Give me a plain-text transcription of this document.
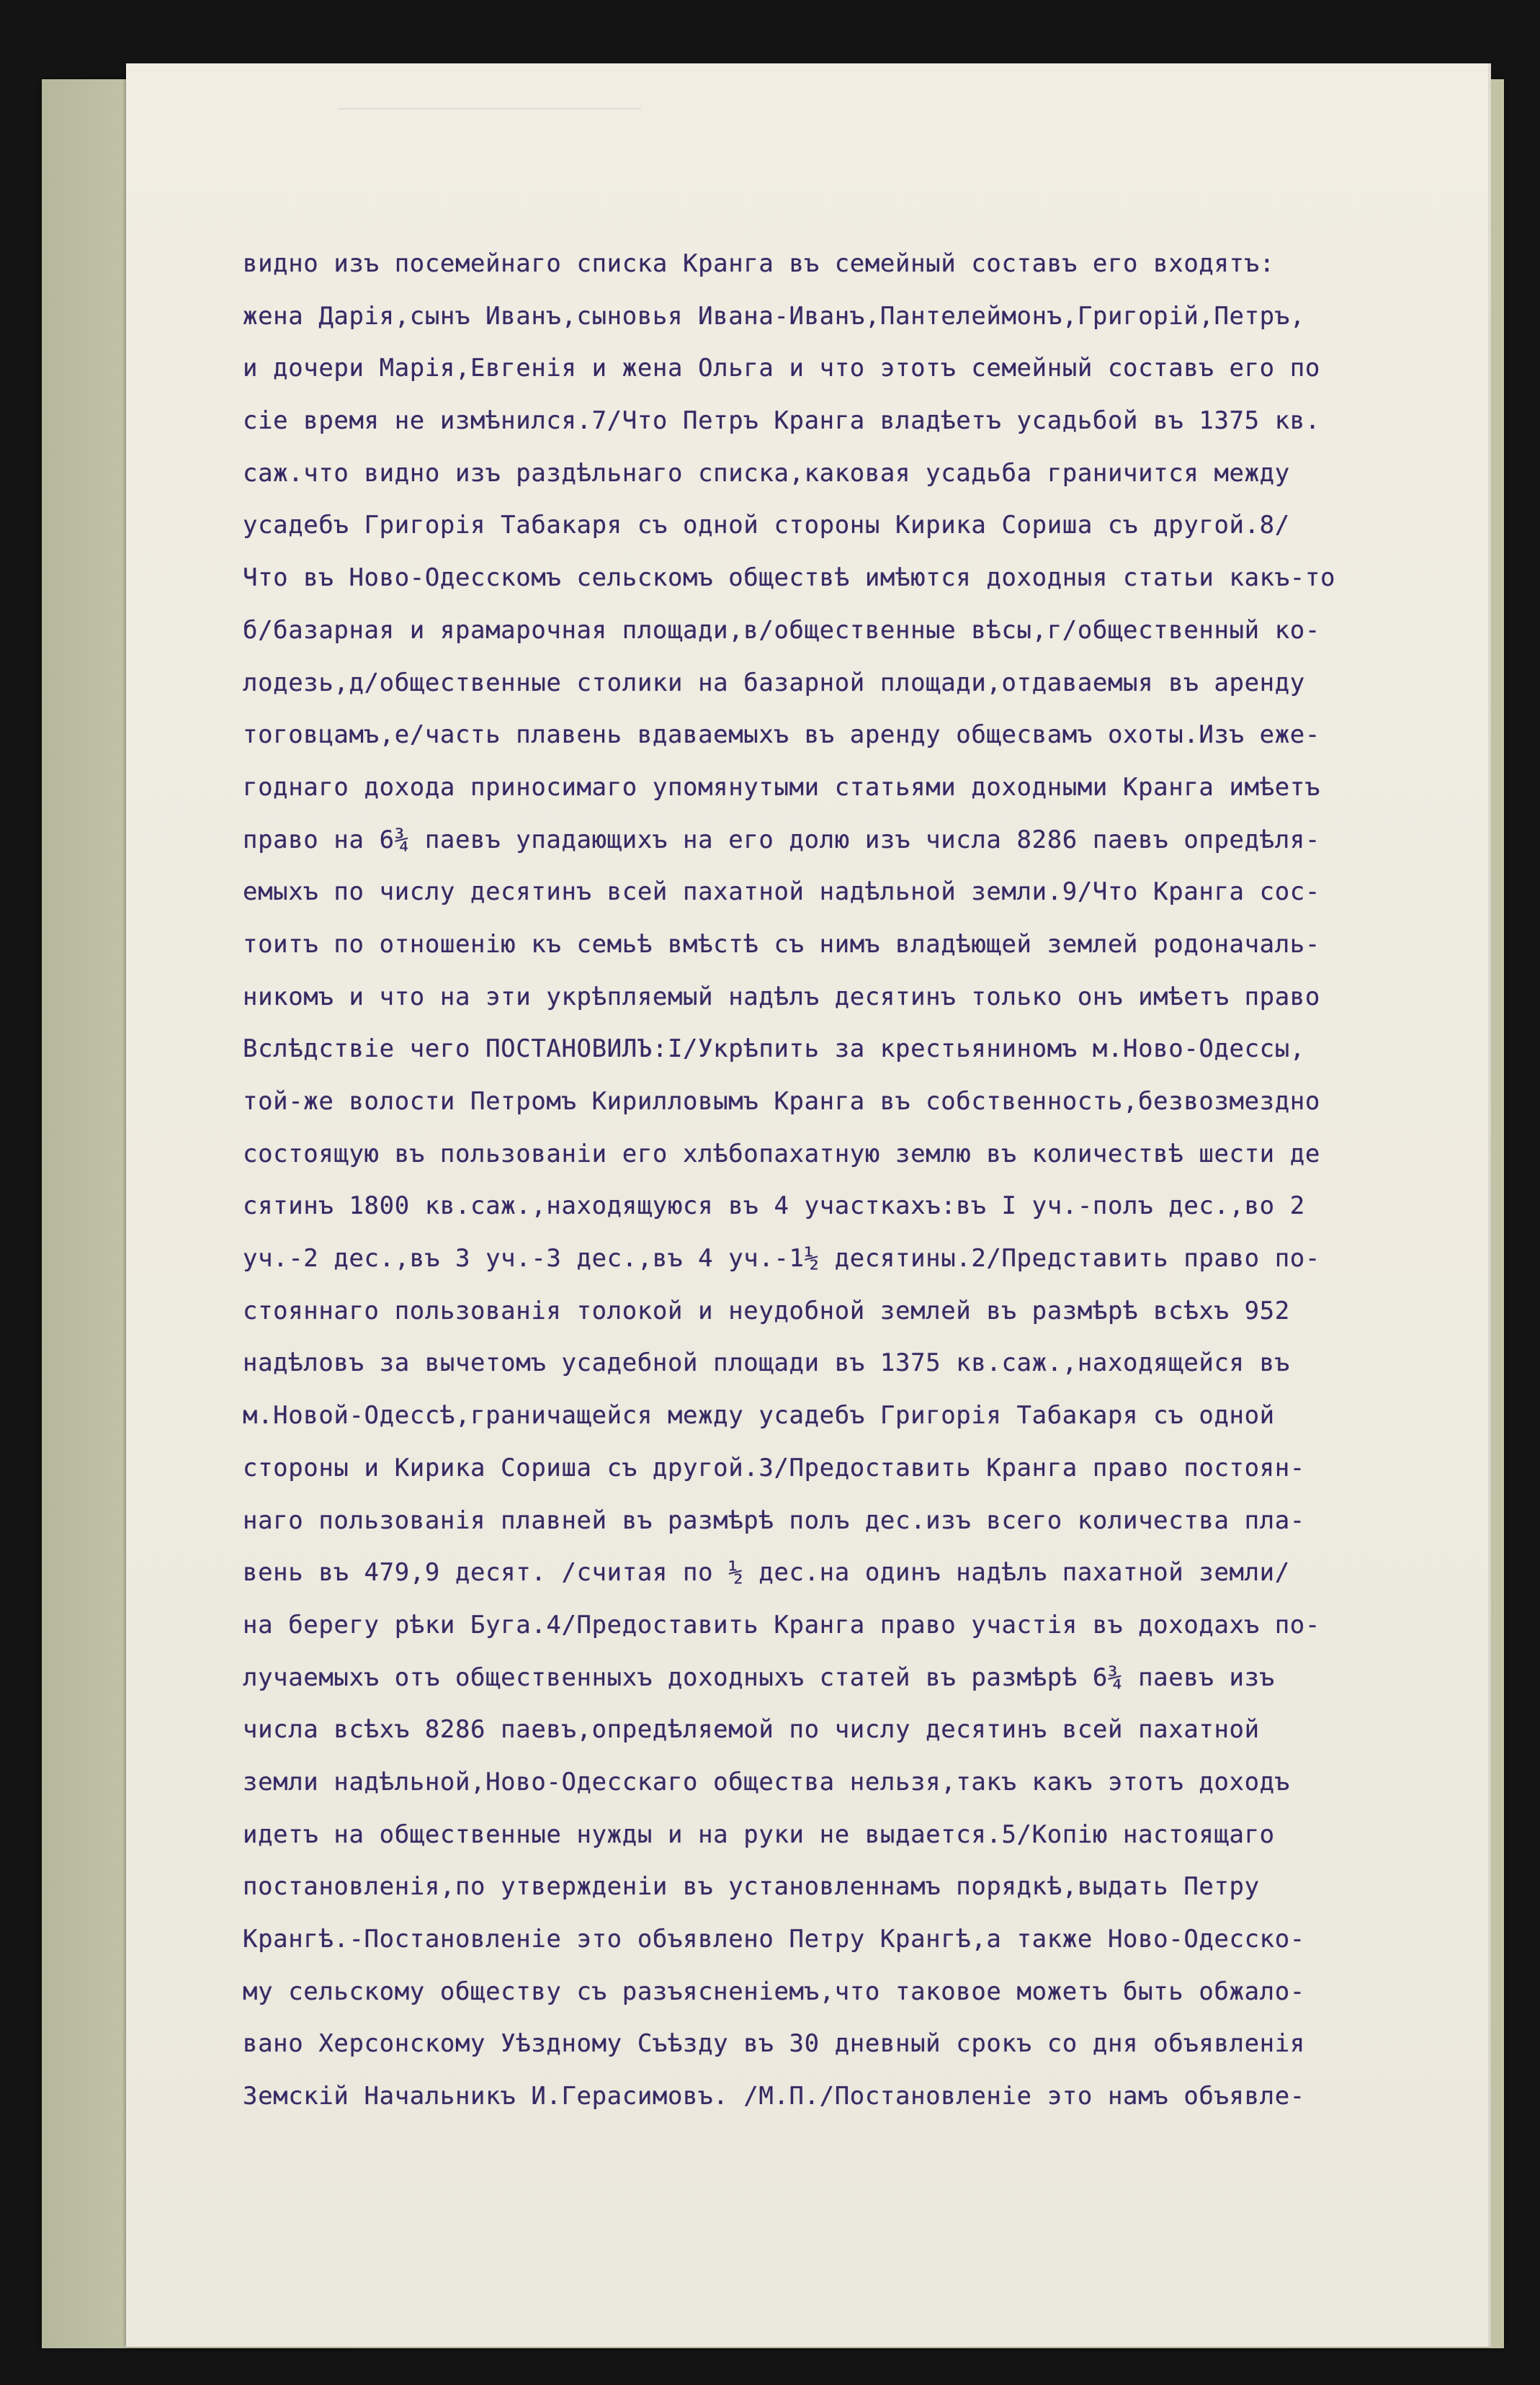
видно изъ посемейнаго списка Кранга въ семейный составъ его входятъ:
жена Дарія,сынъ Иванъ,сыновья Ивана-Иванъ,Пантелеймонъ,Григорій,Петръ,
и дочери Марія,Евгенія и жена Ольга и что этотъ семейный составъ его по
сіе время не измѣнился.7/Что Петръ Кранга владѣетъ усадьбой въ 1375 кв.
саж.что видно изъ раздѣльнаго списка,каковая усадьба граничится между
усадебъ Григорія Табакаря съ одной стороны Кирика Сориша съ другой.8/
Что въ Ново-Одесскомъ сельскомъ обществѣ имѣются доходныя статьи какъ-то
б/базарная и ярамарочная площади,в/общественные вѣсы,г/общественный ко-
лодезь,д/общественные столики на базарной площади,отдаваемыя въ аренду
тоговцамъ,е/часть плавень вдаваемыхъ въ аренду общесвамъ охоты.Изъ еже-
годнаго дохода приносимаго упомянутыми статьями доходными Кранга имѣетъ
право на 6¾ паевъ упадающихъ на его долю изъ числа 8286 паевъ опредѣля-
емыхъ по числу десятинъ всей пахатной надѣльной земли.9/Что Кранга сос-
тоитъ по отношенію къ семьѣ вмѣстѣ съ нимъ владѣющей землей родоначаль-
никомъ и что на эти укрѣпляемый надѣлъ десятинъ только онъ имѣетъ право
Вслѣдствіе чего ПОСТАНОВИЛЪ:I/Укрѣпить за крестьяниномъ м.Ново-Одессы,
той-же волости Петромъ Кирилловымъ Кранга въ собственность,безвозмездно
состоящую въ пользованіи его хлѣбопахатную землю въ количествѣ шести де
сятинъ 1800 кв.саж.,находящуюся въ 4 участкахъ:въ I уч.-полъ дес.,во 2
уч.-2 дес.,въ 3 уч.-3 дес.,въ 4 уч.-1½ десятины.2/Представить право по-
стояннаго пользованія толокой и неудобной землей въ размѣрѣ всѣхъ 952
надѣловъ за вычетомъ усадебной площади въ 1375 кв.саж.,находящейся въ
м.Новой-Одессѣ,граничащейся между усадебъ Григорія Табакаря съ одной
стороны и Кирика Сориша съ другой.3/Предоставить Кранга право постоян-
наго пользованія плавней въ размѣрѣ полъ дес.изъ всего количества пла-
вень въ 479,9 десят. /считая по ½ дес.на одинъ надѣлъ пахатной земли/
на берегу рѣки Буга.4/Предоставить Кранга право участія въ доходахъ по-
лучаемыхъ отъ общественныхъ доходныхъ статей въ размѣрѣ 6¾ паевъ изъ
числа всѣхъ 8286 паевъ,опредѣляемой по числу десятинъ всей пахатной
земли надѣльной,Ново-Одесскаго общества нельзя,такъ какъ этотъ доходъ
идетъ на общественные нужды и на руки не выдается.5/Копію настоящаго
постановленія,по утвержденіи въ установленнамъ порядкѣ,выдать Петру
Крангѣ.-Постановленіе это объявлено Петру Крангѣ,а также Ново-Одесско-
му сельскому обществу съ разъясненіемъ,что таковое можетъ быть обжало-
вано Херсонскому Уѣздному Съѣзду въ 30 дневный срокъ со дня объявленія
Земскій Начальникъ И.Герасимовъ. /М.П./Постановленіе это намъ объявле-
